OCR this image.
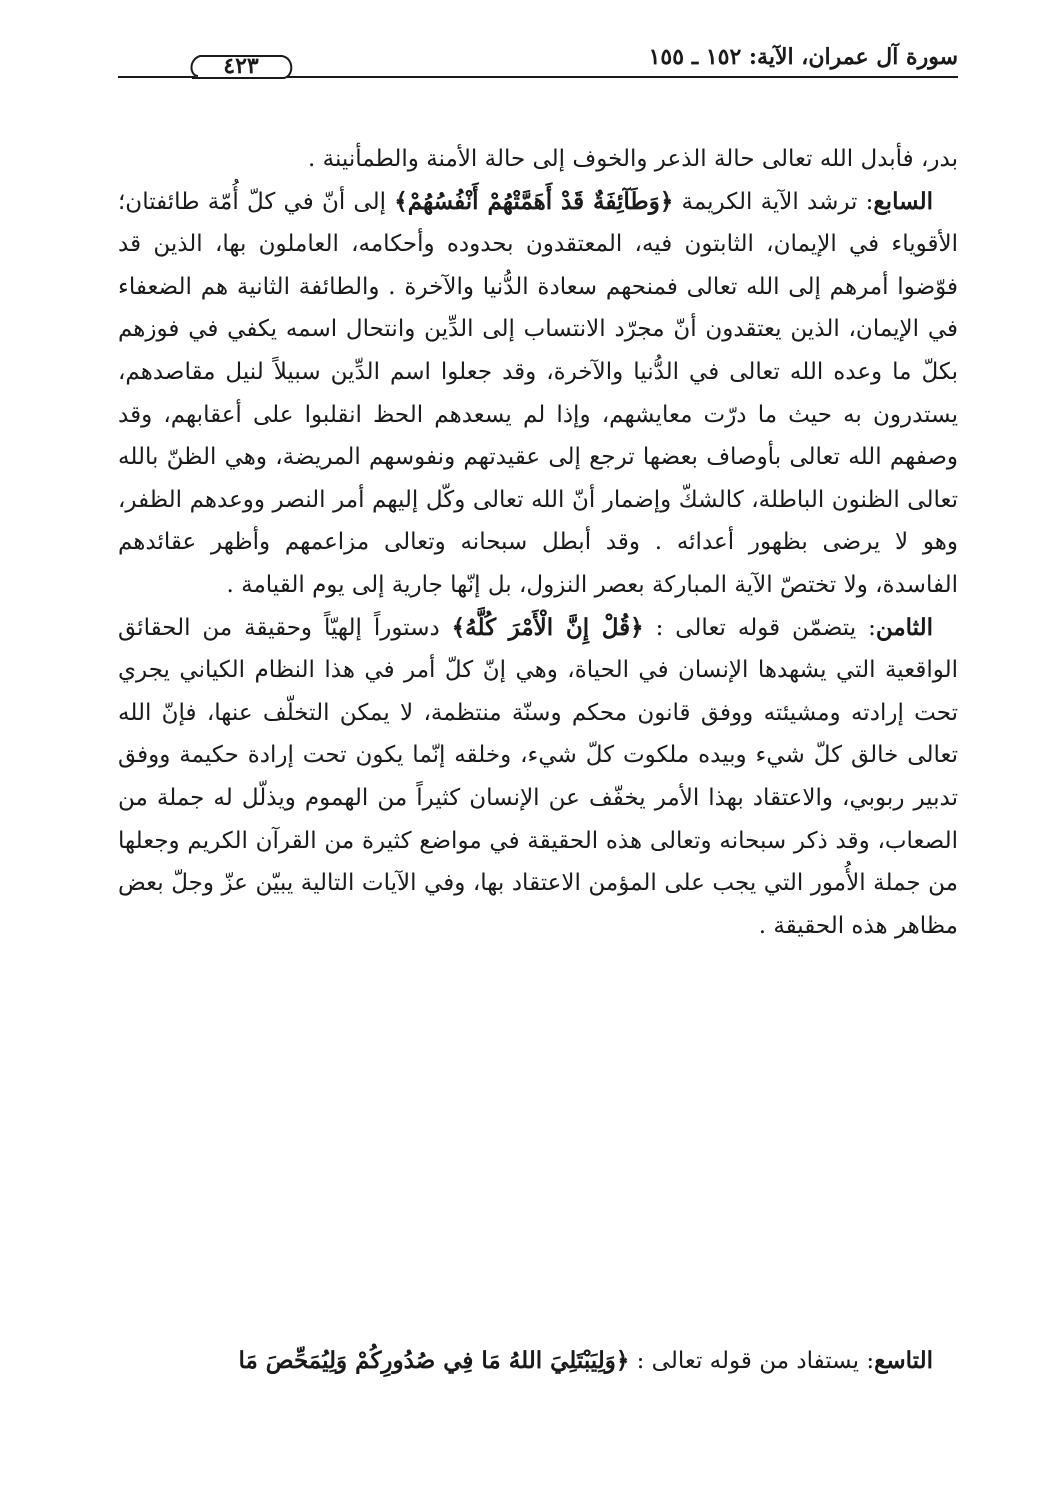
سورة آل عمران، الآية: ١٥٢ ـ ١٥٥
٤٢٣

بدر، فأبدل الله تعالى حالة الذعر والخوف إلى حالة الأمنة والطمأنينة .

السابع: ترشد الآية الكريمة ﴿وَطَآئِفَةٌ قَدْ أَهَمَّتْهُمْ أَنْفُسُهُمْ﴾ إلى أنّ في كلّ أُمّة طائفتان؛ الأقوياء في الإيمان، الثابتون فيه، المعتقدون بحدوده وأحكامه، العاملون بها، الذين قد فوّضوا أمرهم إلى الله تعالى فمنحهم سعادة الدُّنيا والآخرة . والطائفة الثانية هم الضعفاء في الإيمان، الذين يعتقدون أنّ مجرّد الانتساب إلى الدِّين وانتحال اسمه يكفي في فوزهم بكلّ ما وعده الله تعالى في الدُّنيا والآخرة، وقد جعلوا اسم الدِّين سبيلاً لنيل مقاصدهم، يستدرون به حيث ما درّت معايشهم، وإذا لم يسعدهم الحظ انقلبوا على أعقابهم، وقد وصفهم الله تعالى بأوصاف بعضها ترجع إلى عقيدتهم ونفوسهم المريضة، وهي الظنّ بالله تعالى الظنون الباطلة، كالشكّ وإضمار أنّ الله تعالى وكّل إليهم أمر النصر ووعدهم الظفر، وهو لا يرضى بظهور أعدائه . وقد أبطل سبحانه وتعالى مزاعمهم وأظهر عقائدهم الفاسدة، ولا تختصّ الآية المباركة بعصر النزول، بل إنّها جارية إلى يوم القيامة .

الثامن: يتضمّن قوله تعالى : ﴿قُلْ إِنَّ الْأَمْرَ كُلَّهُ﴾ دستوراً إلهيّاً وحقيقة من الحقائق الواقعية التي يشهدها الإنسان في الحياة، وهي إنّ كلّ أمر في هذا النظام الكياني يجري تحت إرادته ومشيئته ووفق قانون محكم وسنّة منتظمة، لا يمكن التخلّف عنها، فإنّ الله تعالى خالق كلّ شيء وبيده ملكوت كلّ شيء، وخلقه إنّما يكون تحت إرادة حكيمة ووفق تدبير ربوبي، والاعتقاد بهذا الأمر يخفّف عن الإنسان كثيراً من الهموم ويذلّل له جملة من الصعاب، وقد ذكر سبحانه وتعالى هذه الحقيقة في مواضع كثيرة من القرآن الكريم وجعلها من جملة الأُمور التي يجب على المؤمن الاعتقاد بها، وفي الآيات التالية يبيّن عزّ وجلّ بعض مظاهر هذه الحقيقة .

التاسع: يستفاد من قوله تعالى : ﴿وَلِيَبْتَلِيَ اللهُ مَا فِي صُدُورِكُمْ وَلِيُمَحِّصَ مَا
